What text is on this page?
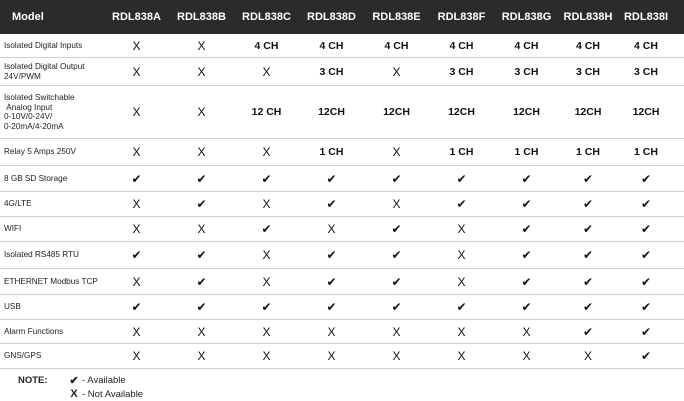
Model	RDL838A	RDL838B	RDL838C	RDL838D	RDL838E	RDL838F	RDL838G	RDL838H	RDL838I
Isolated Digital Inputs	X	X	4 CH	4 CH	4 CH	4 CH	4 CH	4 CH	4 CH
Isolated Digital Output
24V/PWM	X	X	X	3 CH	X	3 CH	3 CH	3 CH	3 CH
Isolated Switchable
Analog Input
0-10V/0-24V/
0-20mA/4-20mA
X	X	12 CH	12CH	12CH	12CH	12CH	12CH	12CH
Relay 5 Amps 250V	X	X	X	1 CH	X	1 CH	1 CH	1 CH	1 CH
8 GB SD Storage	✔	✔	✔	✔	✔	✔	✔	✔	✔
4G/LTE	X	✔	X	✔	X	✔	✔	✔	✔
WIFI	X	X	✔	X	✔	X	✔	✔	✔
Isolated RS485 RTU	✔	✔	X	✔	✔	X	✔	✔	✔
ETHERNET Modbus TCP	X	✔	X	✔	✔	X	✔	✔	✔
USB	✔	✔	✔	✔	✔	✔	✔	✔	✔
Alarm Functions	X	X	X	X	X	X	X	✔	✔
GNS/GPS	X	X	X	X	X	X	X	X	✔
NOTE:	✔ - Available
X - Not Available
